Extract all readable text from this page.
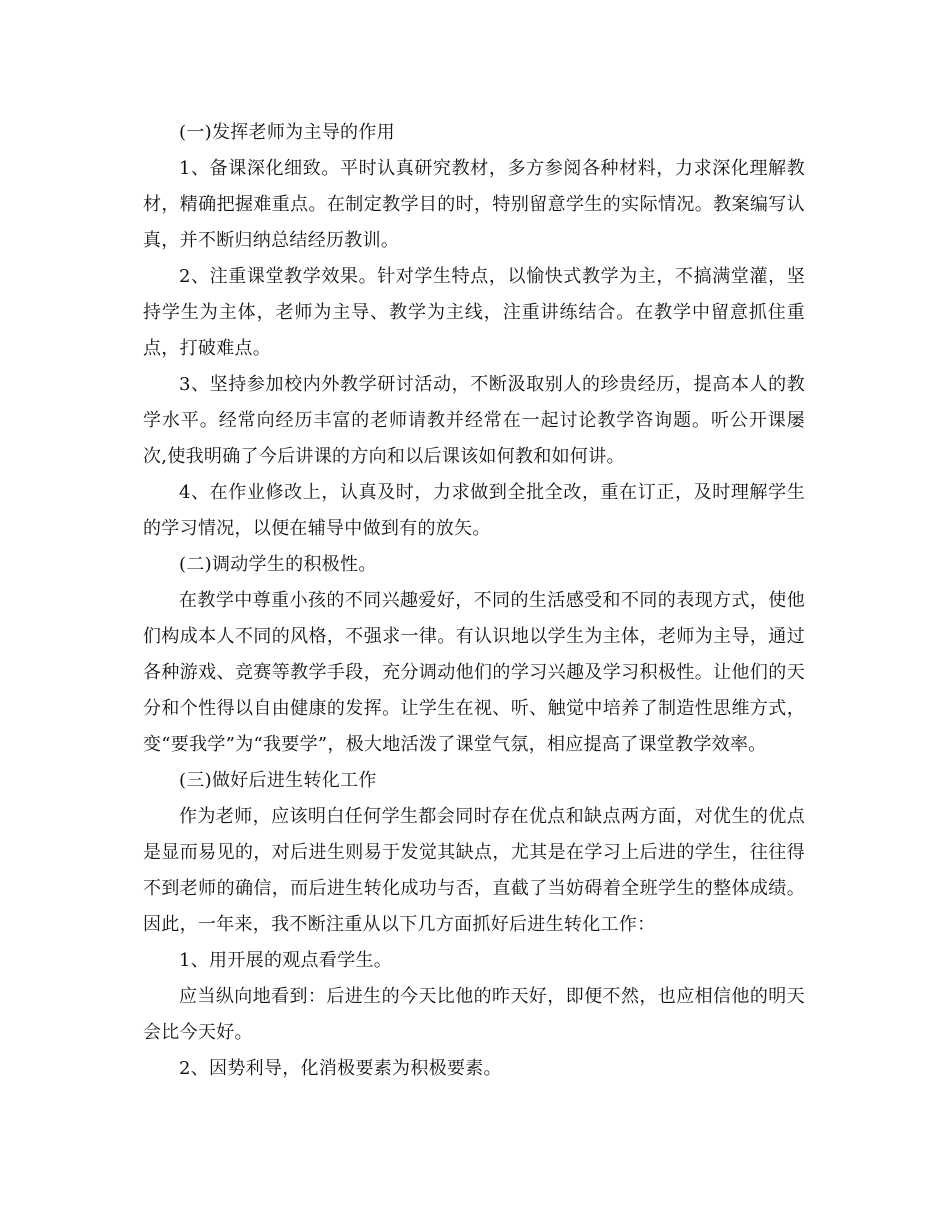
(一)发挥老师为主导的作用

1、备课深化细致。平时认真研究教材，多方参阅各种材料，力求深化理解教材，精确把握难重点。在制定教学目的时，特别留意学生的实际情况。教案编写认真，并不断归纳总结经历教训。

2、注重课堂教学效果。针对学生特点，以愉快式教学为主，不搞满堂灌，坚持学生为主体，老师为主导、教学为主线，注重讲练结合。在教学中留意抓住重点，打破难点。

3、坚持参加校内外教学研讨活动，不断汲取别人的珍贵经历，提高本人的教学水平。经常向经历丰富的老师请教并经常在一起讨论教学咨询题。听公开课屡次,使我明确了今后讲课的方向和以后课该如何教和如何讲。

4、在作业修改上，认真及时，力求做到全批全改，重在订正，及时理解学生的学习情况，以便在辅导中做到有的放矢。

(二)调动学生的积极性。

在教学中尊重小孩的不同兴趣爱好，不同的生活感受和不同的表现方式，使他们构成本人不同的风格，不强求一律。有认识地以学生为主体，老师为主导，通过各种游戏、竞赛等教学手段，充分调动他们的学习兴趣及学习积极性。让他们的天分和个性得以自由健康的发挥。让学生在视、听、触觉中培养了制造性思维方式，变“要我学”为“我要学”，极大地活泼了课堂气氛，相应提高了课堂教学效率。

(三)做好后进生转化工作

作为老师，应该明白任何学生都会同时存在优点和缺点两方面，对优生的优点是显而易见的，对后进生则易于发觉其缺点，尤其是在学习上后进的学生，往往得不到老师的确信，而后进生转化成功与否，直截了当妨碍着全班学生的整体成绩。因此，一年来，我不断注重从以下几方面抓好后进生转化工作：

1、用开展的观点看学生。

应当纵向地看到：后进生的今天比他的昨天好，即便不然，也应相信他的明天会比今天好。

2、因势利导，化消极要素为积极要素。
